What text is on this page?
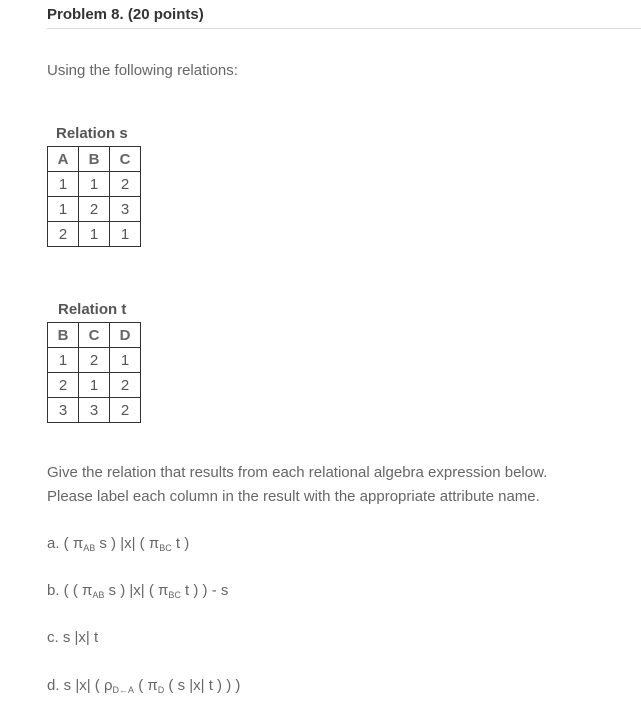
Problem 8. (20 points)
Using the following relations:
Relation s
A	B	C
1	1	2
1	2	3
2	1	1
Relation t
B	C	D
1	2	1
2	1	2
3	3	2
Give the relation that results from each relational algebra expression below.
Please label each column in the result with the appropriate attribute name.
a. ( $\pi_{AB}$ s ) |x| ( $\pi_{BC}$ t )
b. ( ( $\pi_{AB}$ s ) |x| ( $\pi_{BC}$ t ) ) - s
c. s |x| t
d. s |x| ( $\rho_{D\leftarrow A}$ ( $\pi_D$ ( s |x| t ) ) )
